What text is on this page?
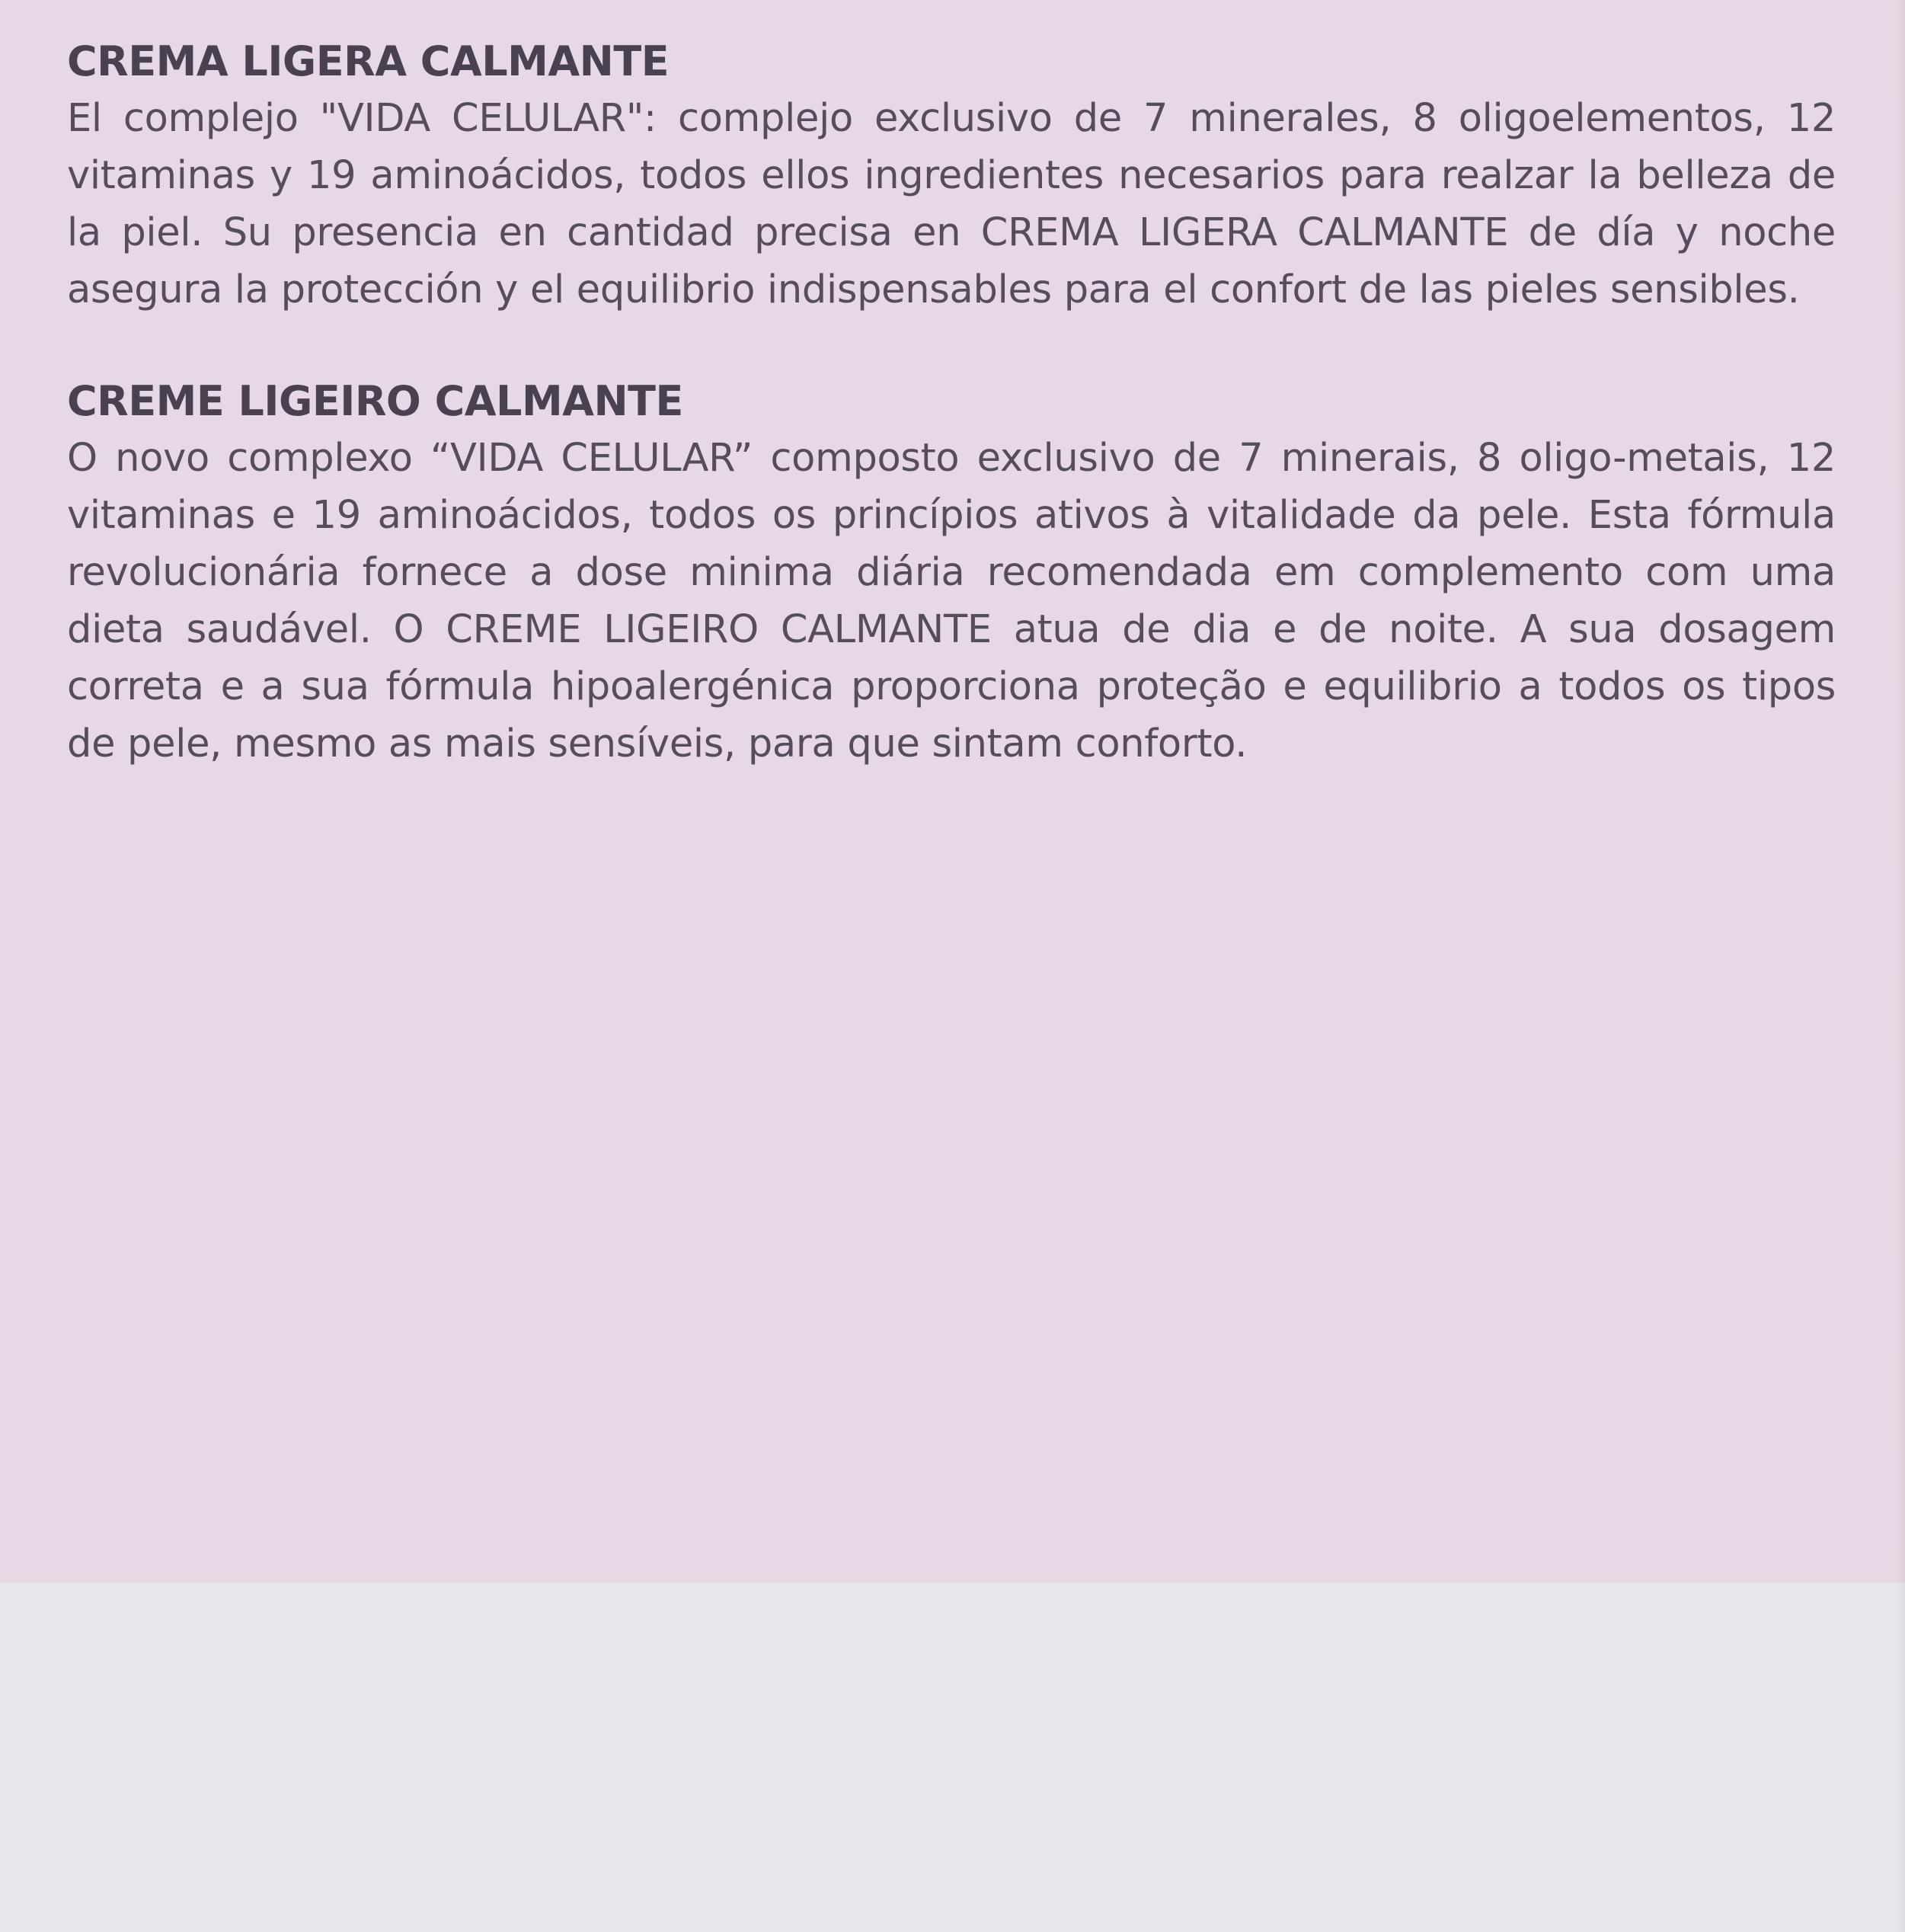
CREMA LIGERA CALMANTE

El complejo "VIDA CELULAR": complejo exclusivo de 7 minerales, 8 oligoelementos, 12 vitaminas y 19 aminoácidos, todos ellos ingredientes necesarios para realzar la belleza de la piel. Su presencia en cantidad precisa en CREMA LIGERA CALMANTE de día y noche asegura la protección y el equilibrio indispensables para el confort de las pieles sensibles.

CREME LIGEIRO CALMANTE

O novo complexo “VIDA CELULAR” composto exclusivo de 7 minerais, 8 oligo-metais, 12 vitaminas e 19 aminoácidos, todos os princípios ativos à vitalidade da pele. Esta fórmula revolucionária fornece a dose minima diária recomendada em complemento com uma dieta saudável. O CREME LIGEIRO CALMANTE atua de dia e de noite. A sua dosagem correta e a sua fórmula hipoalergénica proporciona proteção e equilibrio a todos os tipos de pele, mesmo as mais sensíveis, para que sintam conforto.
